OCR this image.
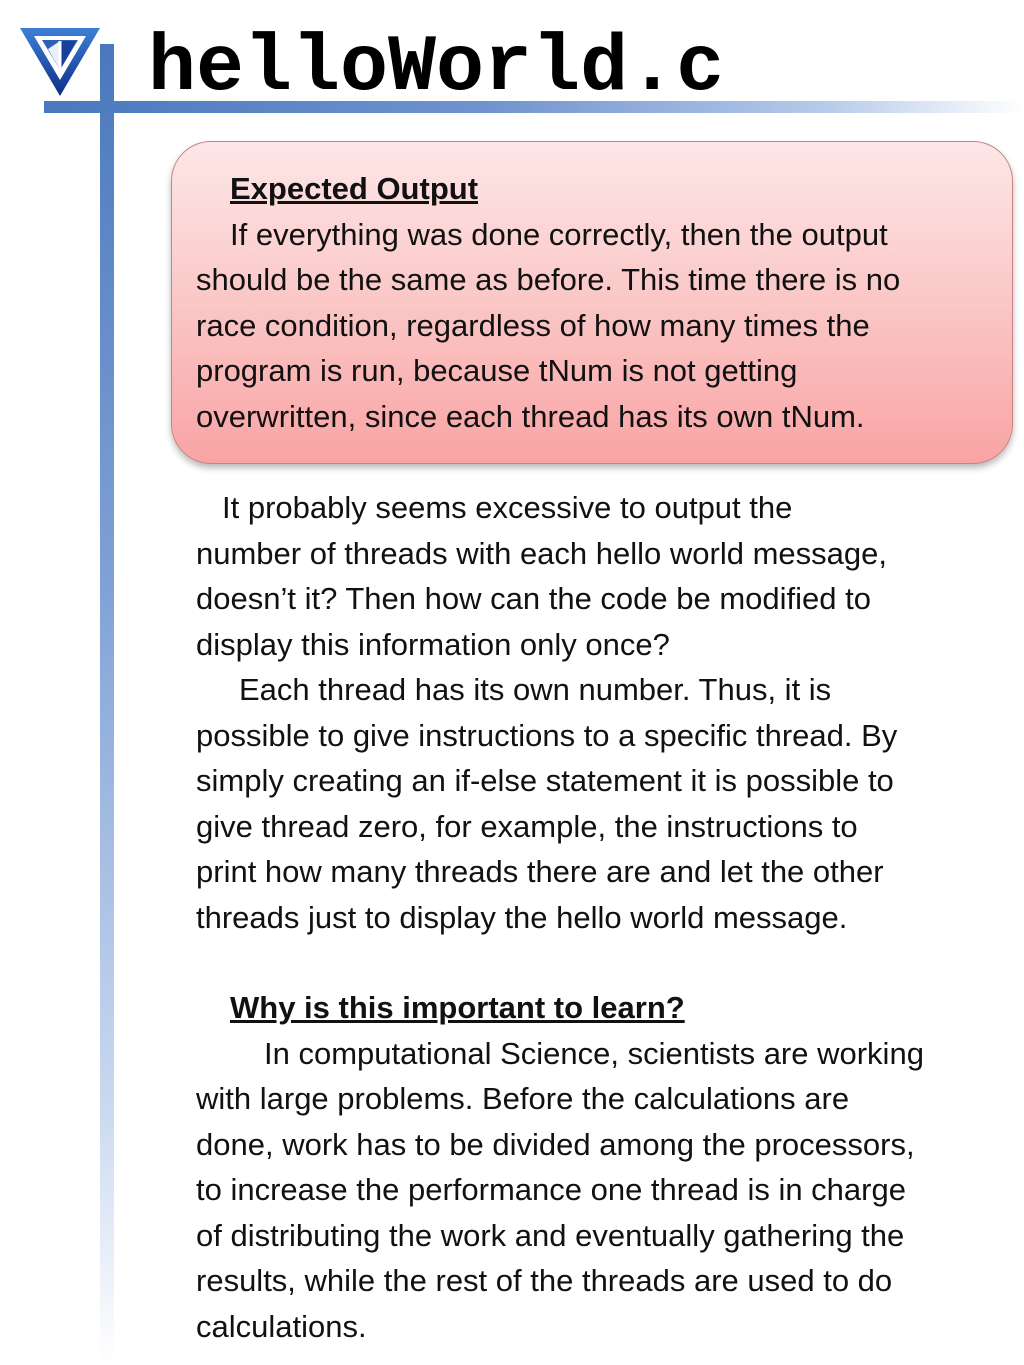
helloWorld.c
Expected Output
If everything was done correctly, then the output
should be the same as before. This time there is no
race condition, regardless of how many times the
program is run, because tNum is not getting
overwritten, since each thread has its own tNum.
It probably seems excessive to output the
number of threads with each hello world message,
doesn’t it? Then how can the code be modified to
display this information only once?
Each thread has its own number. Thus, it is
possible to give instructions to a specific thread. By
simply creating an if-else statement it is possible to
give thread zero, for example, the instructions to
print how many threads there are and let the other
threads just to display the hello world message.
Why is this important to learn?
In computational Science, scientists are working
with large problems. Before the calculations are
done, work has to be divided among the processors,
to increase the performance one thread is in charge
of distributing the work and eventually gathering the
results, while the rest of the threads are used to do
calculations.
